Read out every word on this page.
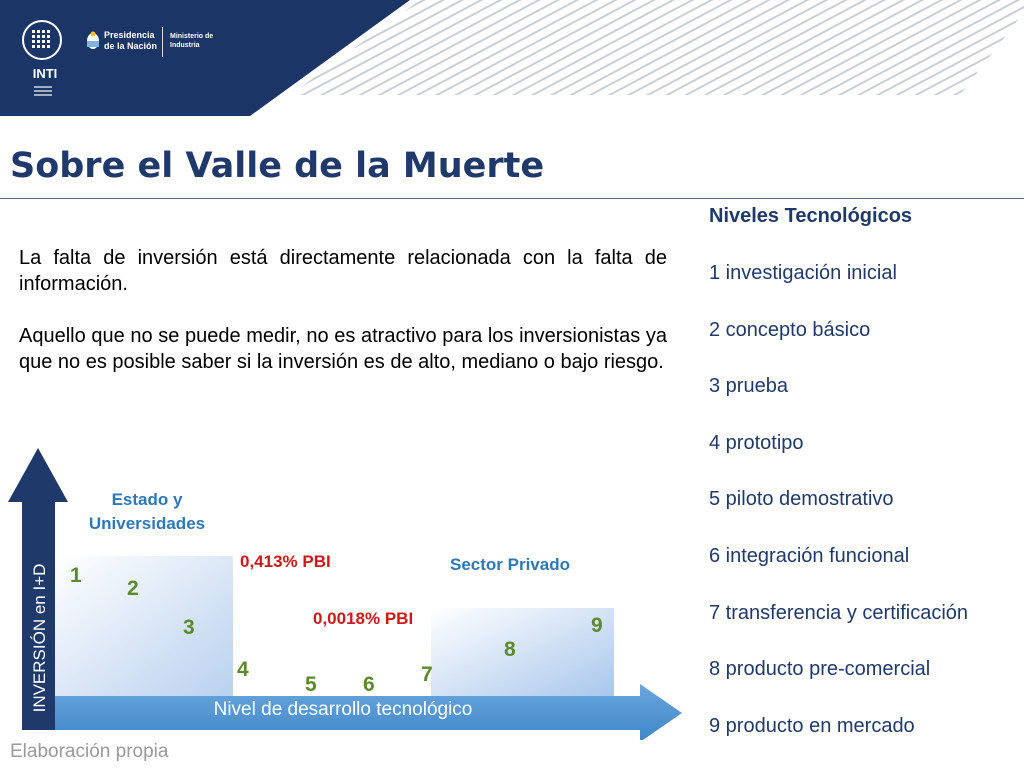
INTI
Presidencia
de la Nación
Ministerio de
Industria
Sobre el Valle de la Muerte

La falta de inversión está directamente relacionada con la falta de información.

Aquello que no se puede medir, no es atractivo para los inversionistas ya que no es posible saber si la inversión es de alto, mediano o bajo riesgo.

Niveles Tecnológicos
1 investigación inicial
2 concepto básico
3 prueba
4 prototipo
5 piloto demostrativo
6 integración funcional
7 transferencia y certificación
8 producto pre-comercial
9 producto en mercado
INVERSIÓN en I+D	Nivel de desarrollo tecnológico
Estado y
Universidades
Sector Privado
0,413% PBI
0,0018% PBI
1
2
3
4
5 6 7
8
9

Elaboración propia
